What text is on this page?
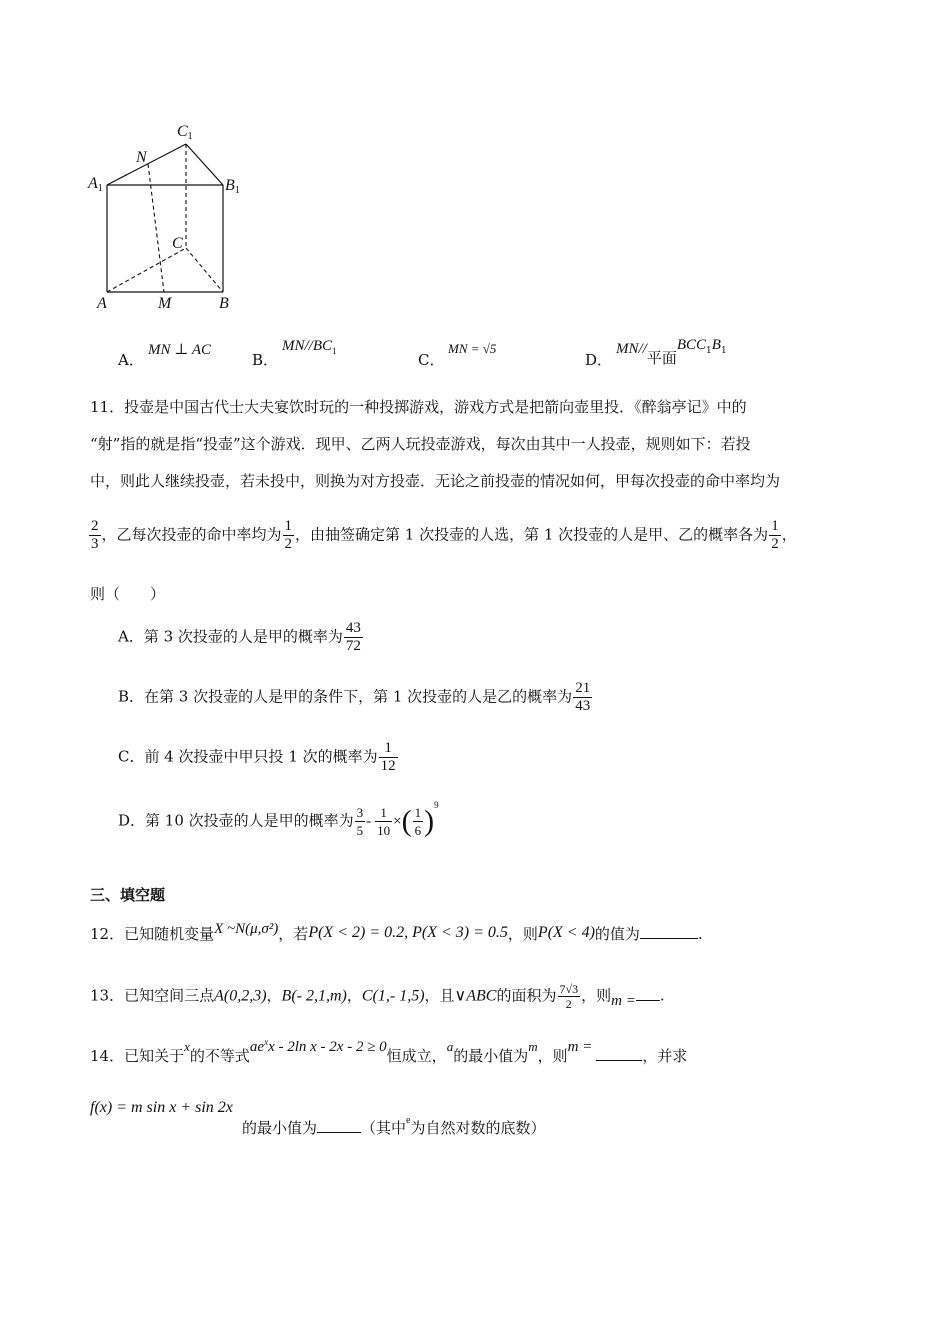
C1
N
A1	B1
C
A	M	B
A．
MN ⊥ AC
B．
$MN//BC_1$	C．
MN = √5
D．
MN//平面$BCC_1B_1$
11．投壶是中国古代士大夫宴饮时玩的一种投掷游戏，游戏方式是把箭向壶里投．《醉翁亭记》中的
“射”指的就是指“投壶”这个游戏．现甲、乙两人玩投壶游戏，每次由其中一人投壶，规则如下：若投
中，则此人继续投壶，若未投中，则换为对方投壶．无论之前投壶的情况如何，甲每次投壶的命中率均为
$\frac{2}{3}$ ，乙每次投壶的命中率均为 $\frac{1}{2}$ ，由抽签确定第 1 次投壶的人选，第 1 次投壶的人是甲、乙的概率各为 $\frac{1}{2}$ ，
则（　　）
A．第 3 次投壶的人是甲的概率为 $\frac{43}{72}$
B．在第 3 次投壶的人是甲的条件下，第 1 次投壶的人是乙的概率为 $\frac{21}{43}$
C．前 4 次投壶中甲只投 1 次的概率为 $\frac{1}{12}$
D．第 10 次投壶的人是甲的概率为 $\frac{3}{5} - \frac{1}{10}$ ×( $\frac{1}{6} )^9$
三、填空题
12．已知随机变量X ~N(μ,σ²)，若P(X < 2) = 0.2, P(X < 3) = 0.5，则P(X < 4)的值为	.
13．已知空间三点A(0,2,3)，B(- 2,1,m)，C(1,- 1,5)，且∨ABC的面积为 $\frac{7√3}{2}$ ，则m = .
14．已知关于x的不等式$ae^xx - 2\ln$ x - 2x - 2 ≥ 0恒成立，a的最小值为m，则m =	，并求
f(x) = m sin x + sin 2x
的最小值为	（其中$^e$为自然对数的底数）
